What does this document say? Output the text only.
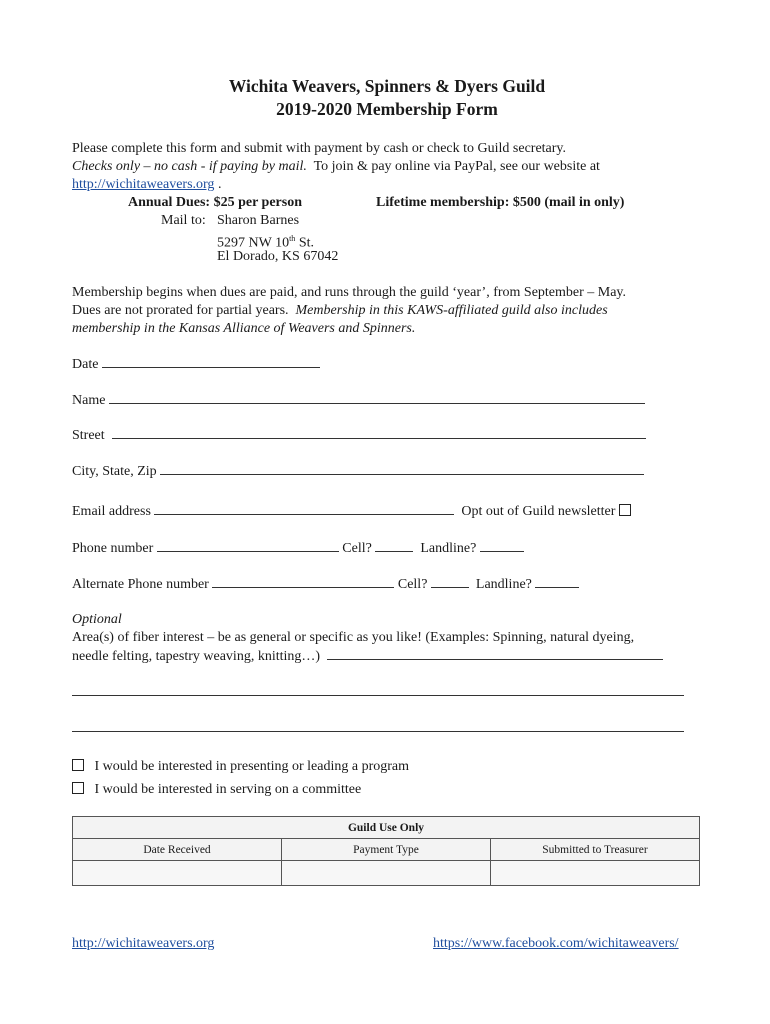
Wichita Weavers, Spinners & Dyers Guild
2019-2020 Membership Form
Please complete this form and submit with payment by cash or check to Guild secretary.
Checks only – no cash - if paying by mail.  To join & pay online via PayPal, see our website at
http://wichitaweavers.org .
Annual Dues: $25 per person	Lifetime membership: $500 (mail in only)
Mail to: Sharon Barnes
5297 NW 10th St.
El Dorado, KS 67042
Membership begins when dues are paid, and runs through the guild ‘year’, from September – May.
Dues are not prorated for partial years.  Membership in this KAWS-affiliated guild also includes
membership in the Kansas Alliance of Weavers and Spinners.
Date
Name
Street
City, State, Zip
Email address	Opt out of Guild newsletter
Phone number	Cell?	Landline?
Alternate Phone number	Cell?	Landline?
Optional
Area(s) of fiber interest – be as general or specific as you like! (Examples: Spinning, natural dyeing,
needle felting, tapestry weaving, knitting…)
I would be interested in presenting or leading a program
I would be interested in serving on a committee
Guild Use Only		
Date Received	Payment Type	Submitted to Treasurer

http://wichitaweavers.org	https://www.facebook.com/wichitaweavers/
